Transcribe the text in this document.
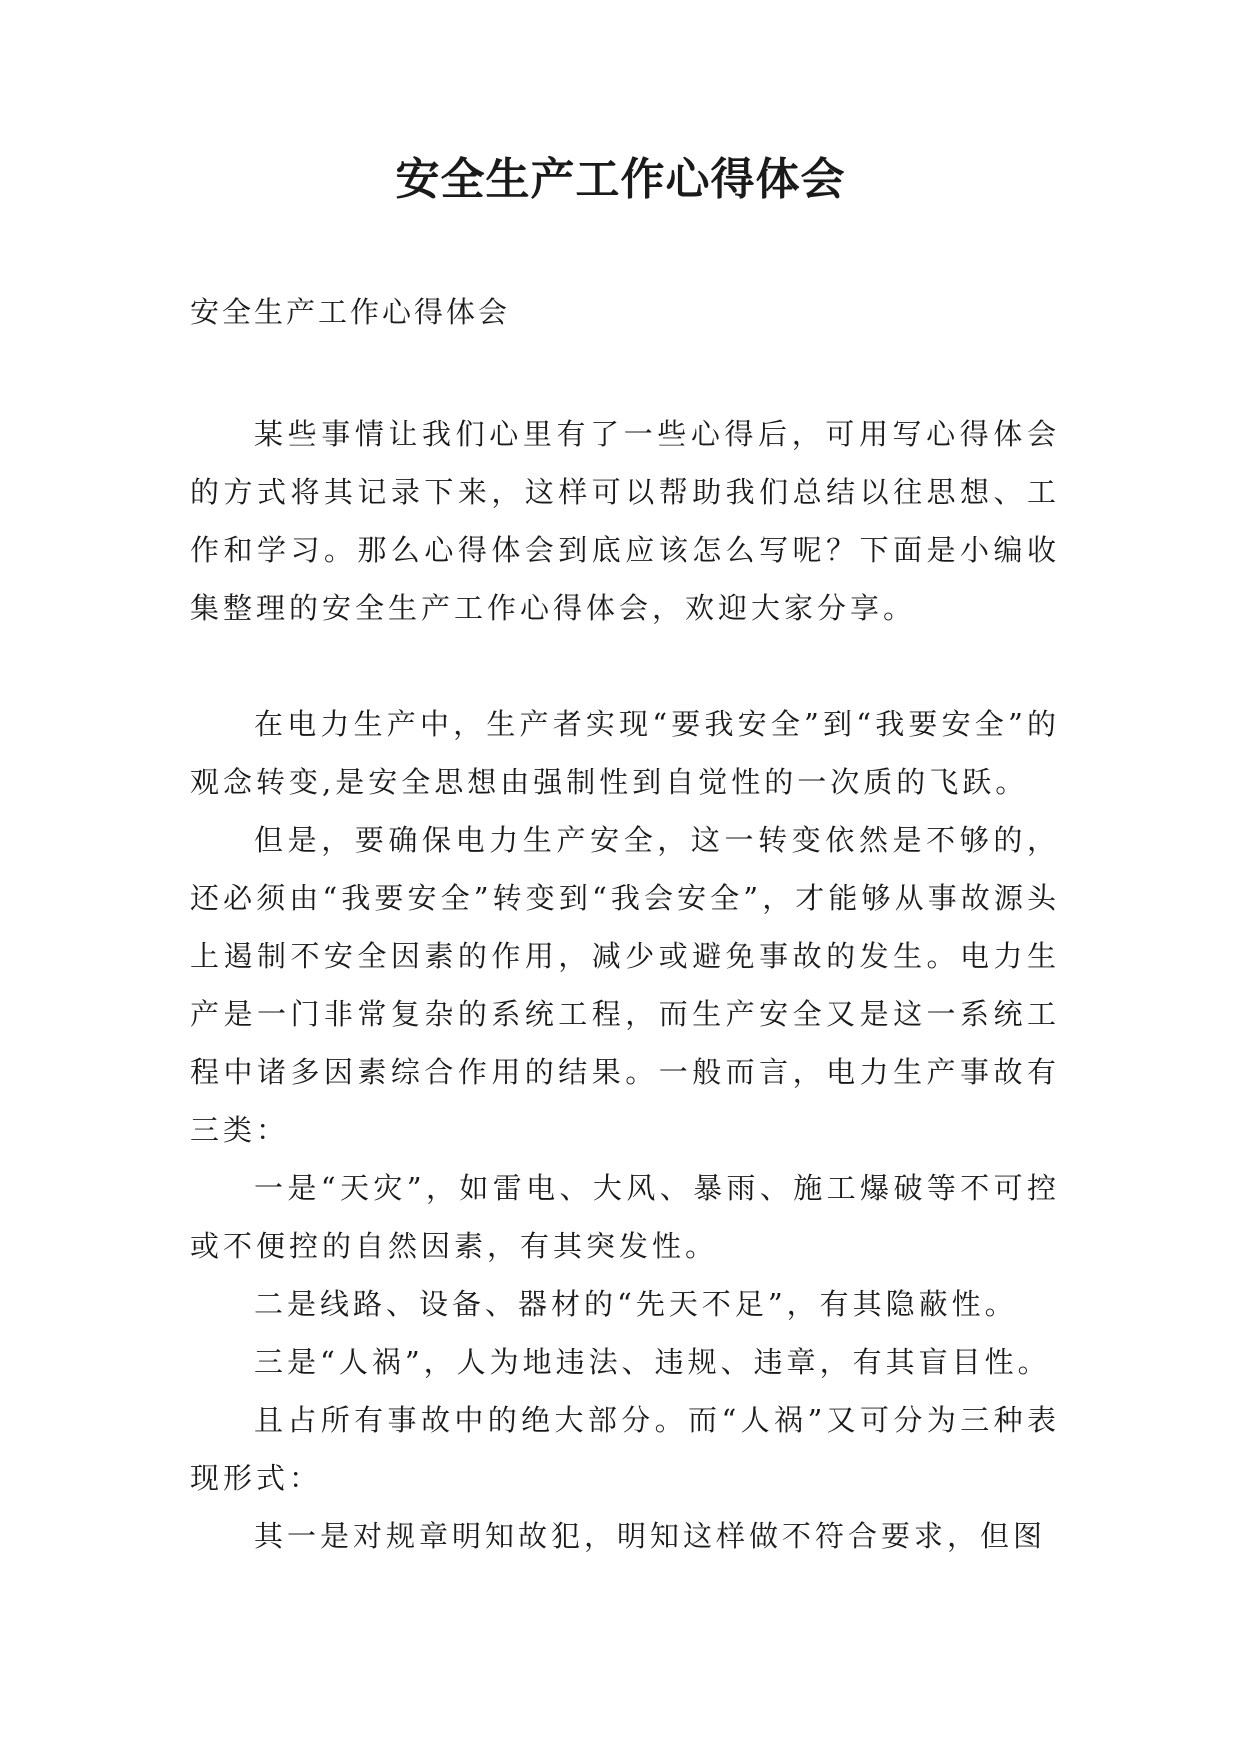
安全生产工作心得体会
安全生产工作心得体会

某些事情让我们心里有了一些心得后，可用写心得体会的方式将其记录下来，这样可以帮助我们总结以往思想、工作和学习。那么心得体会到底应该怎么写呢？下面是小编收集整理的安全生产工作心得体会，欢迎大家分享。

在电力生产中，生产者实现“要我安全”到“我要安全”的观念转变,是安全思想由强制性到自觉性的一次质的飞跃。

但是，要确保电力生产安全，这一转变依然是不够的，还必须由“我要安全”转变到“我会安全”，才能够从事故源头上遏制不安全因素的作用，减少或避免事故的发生。电力生产是一门非常复杂的系统工程，而生产安全又是这一系统工程中诸多因素综合作用的结果。一般而言，电力生产事故有三类：

一是“天灾”，如雷电、大风、暴雨、施工爆破等不可控或不便控的自然因素，有其突发性。

二是线路、设备、器材的“先天不足”，有其隐蔽性。

三是“人祸”，人为地违法、违规、违章，有其盲目性。

且占所有事故中的绝大部分。而“人祸”又可分为三种表现形式：

其一是对规章明知故犯，明知这样做不符合要求，但图
